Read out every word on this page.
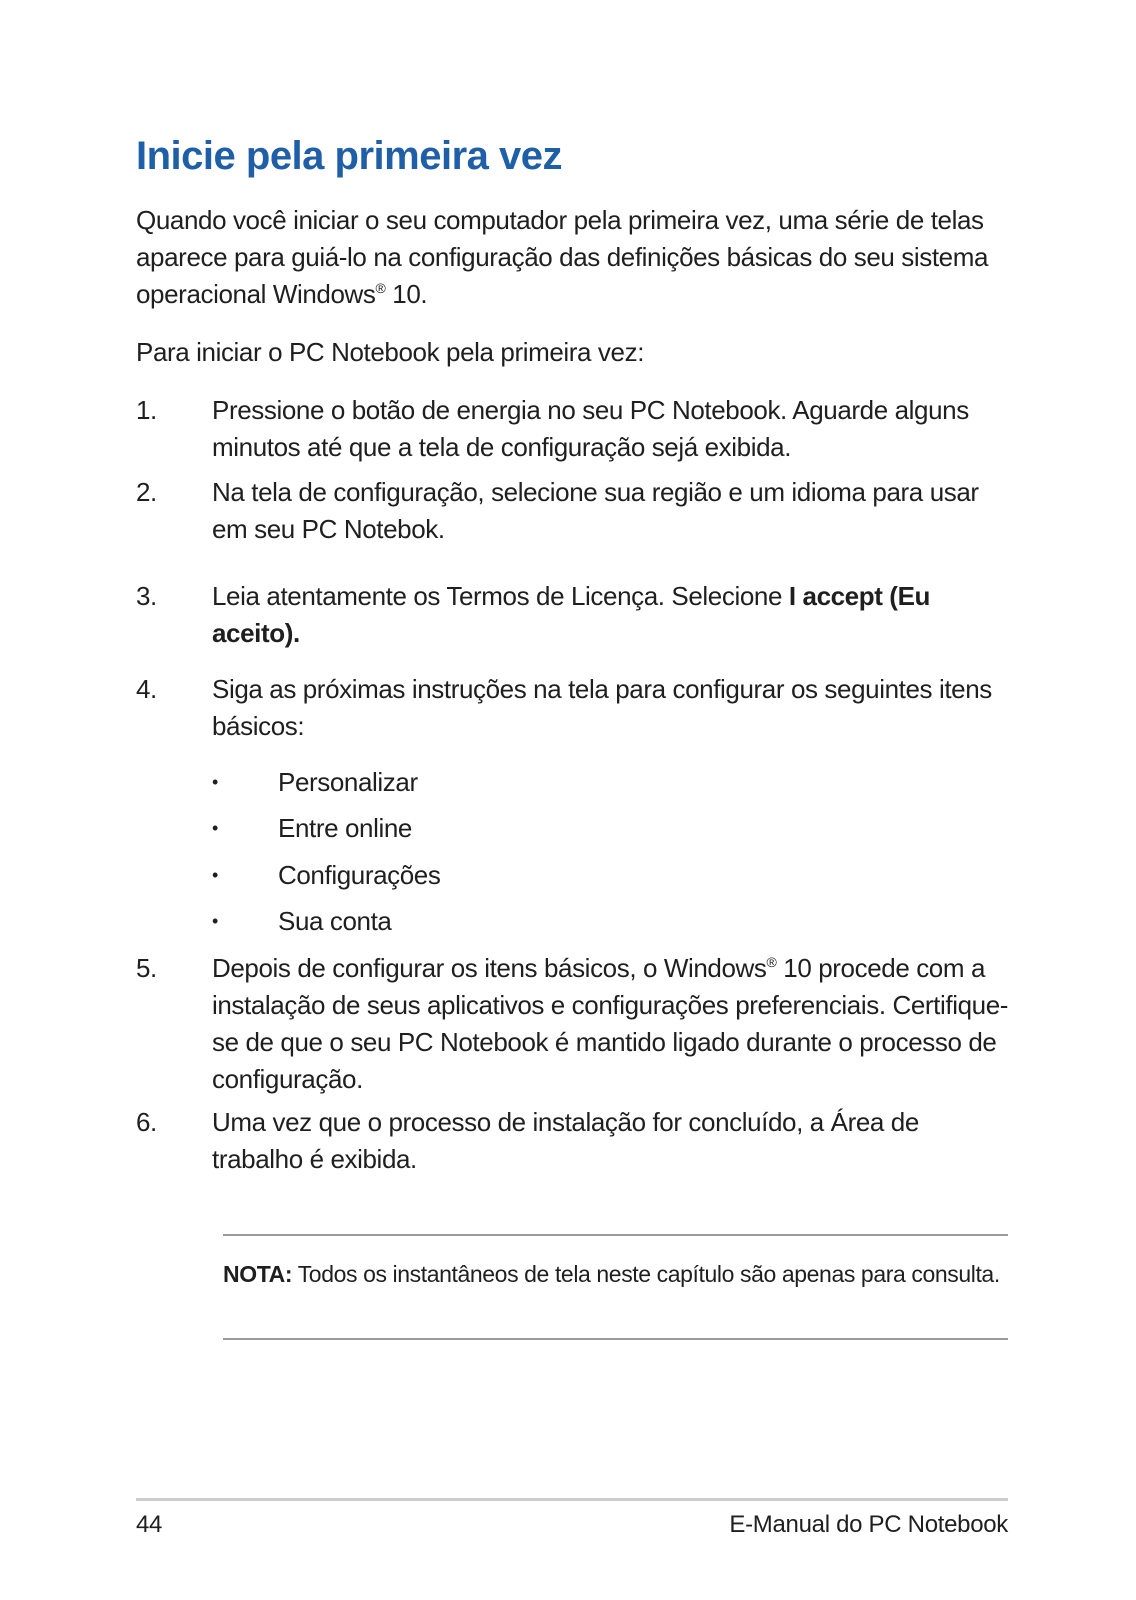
Inicie pela primeira vez

Quando você iniciar o seu computador pela primeira vez, uma série de telas aparece para guiá-lo na configuração das definições básicas do seu sistema operacional Windows® 10.

Para iniciar o PC Notebook pela primeira vez:

1. Pressione o botão de energia no seu PC Notebook. Aguarde alguns minutos até que a tela de configuração sejá exibida.
2. Na tela de configuração, selecione sua região e um idioma para usar em seu PC Notebok.
3. Leia atentamente os Termos de Licença. Selecione I accept (Eu aceito).
4. Siga as próximas instruções na tela para configurar os seguintes itens básicos:
• Personalizar
• Entre online
• Configurações
• Sua conta
5. Depois de configurar os itens básicos, o Windows® 10 procede com a instalação de seus aplicativos e configurações preferenciais. Certifique-se de que o seu PC Notebook é mantido ligado durante o processo de configuração.
6. Uma vez que o processo de instalação for concluído, a Área de trabalho é exibida.

NOTA: Todos os instantâneos de tela neste capítulo são apenas para consulta.

44	E-Manual do PC Notebook
